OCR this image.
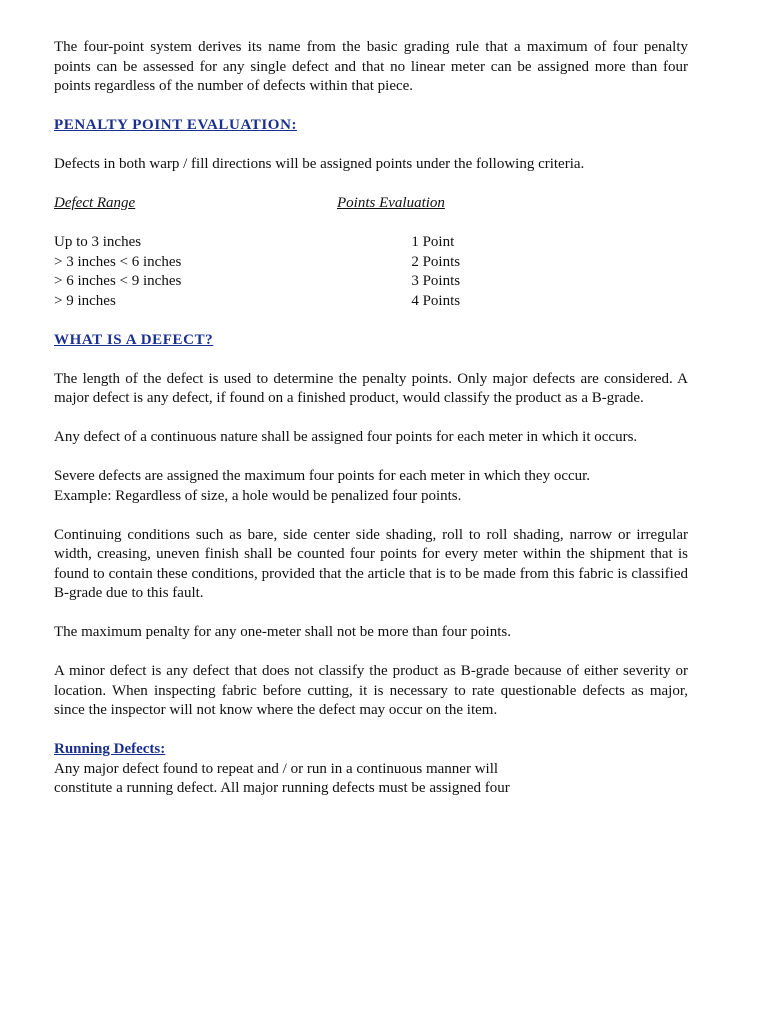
The four-point system derives its name from the basic grading rule that a maximum of four penalty points can be assessed for any single defect and that no linear meter can be assigned more than four points regardless of the number of defects within that piece.

PENALTY POINT EVALUATION:

Defects in both warp / fill directions will be assigned points under the following criteria.

Defect Range	Points Evaluation
Up to 3 inches	1 Point
> 3 inches < 6 inches	2 Points
> 6 inches < 9 inches	3 Points
> 9 inches	4 Points

WHAT IS A DEFECT?

The length of the defect is used to determine the penalty points. Only major defects are considered. A major defect is any defect, if found on a finished product, would classify the product as a B-grade.

Any defect of a continuous nature shall be assigned four points for each meter in which it occurs.

Severe defects are assigned the maximum four points for each meter in which they occur.

Example: Regardless of size, a hole would be penalized four points.

Continuing conditions such as bare, side center side shading, roll to roll shading, narrow or irregular width, creasing, uneven finish shall be counted four points for every meter within the shipment that is found to contain these conditions, provided that the article that is to be made from this fabric is classified B-grade due to this fault.

The maximum penalty for any one-meter shall not be more than four points.

A minor defect is any defect that does not classify the product as B-grade because of either severity or location. When inspecting fabric before cutting, it is necessary to rate questionable defects as major, since the inspector will not know where the defect may occur on the item.

Running Defects:

Any major defect found to repeat and / or run in a continuous manner will

constitute a running defect. All major running defects must be assigned four
